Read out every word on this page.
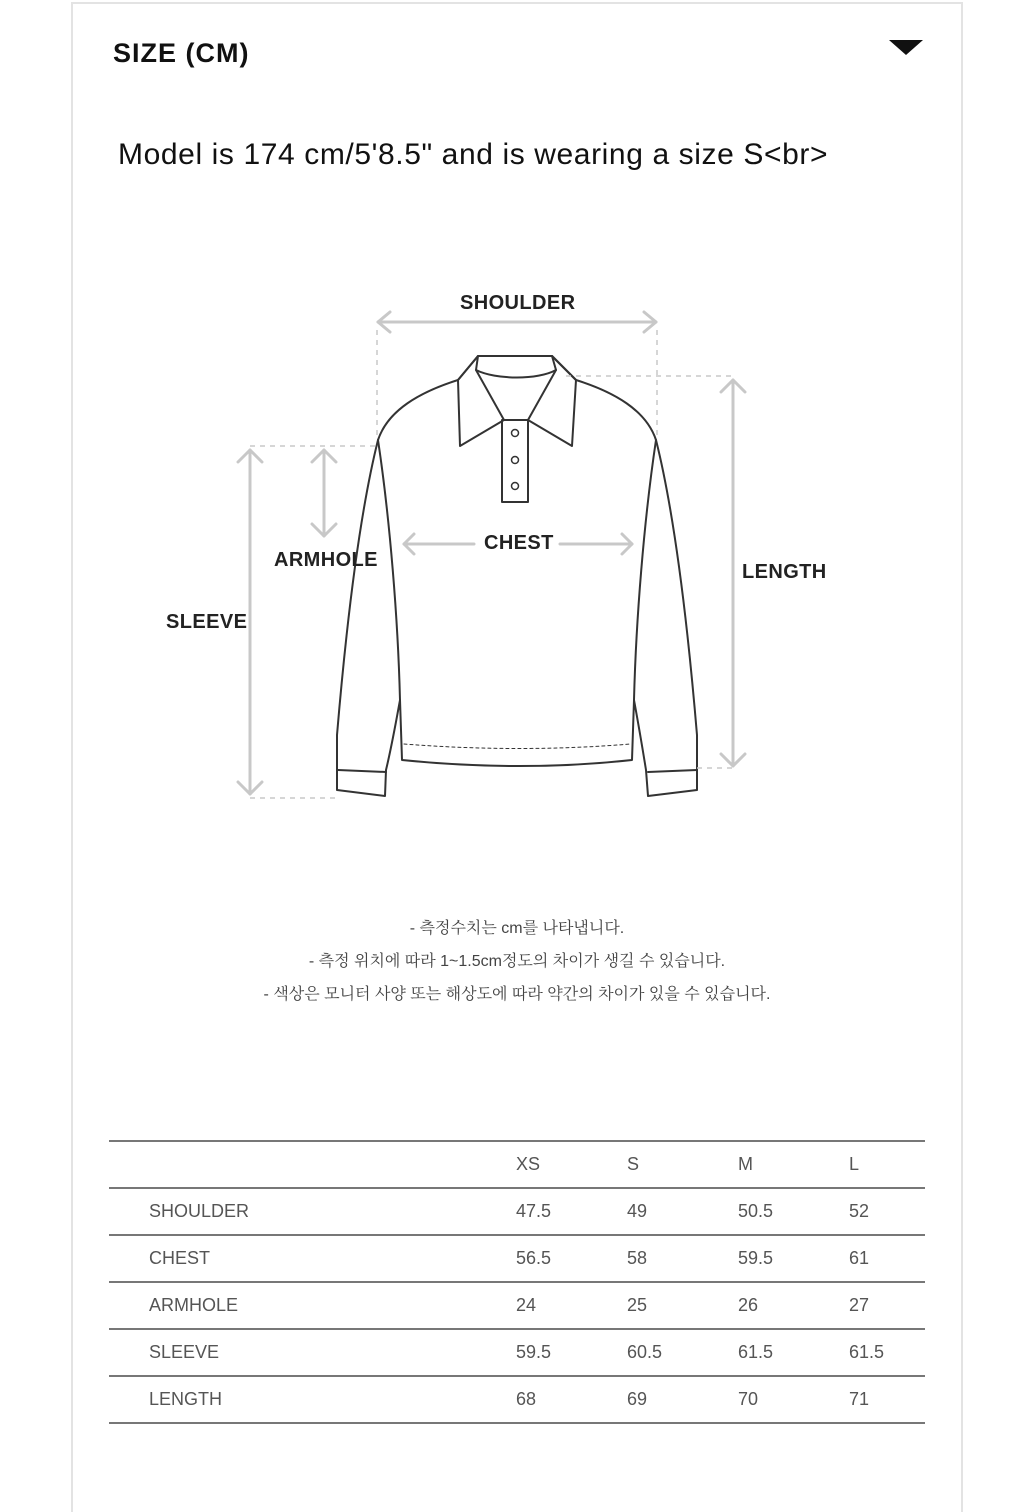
SIZE (CM)
Model is 174 cm/5'8.5" and is wearing a size S<br>
SHOULDER
CHEST
ARMHOLE
SLEEVE
LENGTH
- 측정수치는 cm를 나타냅니다.
- 측정 위치에 따라 1~1.5cm정도의 차이가 생길 수 있습니다.
- 색상은 모니터 사양 또는 해상도에 따라 약간의 차이가 있을 수 있습니다.
	XS	S	M	L
SHOULDER	47.5	49	50.5	52
CHEST	56.5	58	59.5	61
ARMHOLE	24	25	26	27
SLEEVE	59.5	60.5	61.5	61.5
LENGTH	68	69	70	71
